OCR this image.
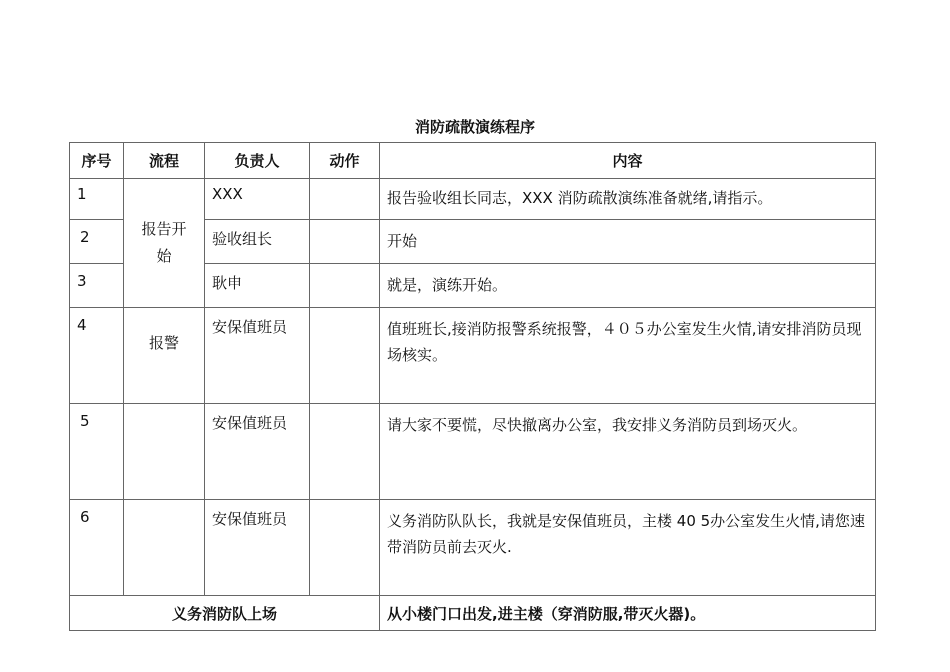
消防疏散演练程序
序号	流程	负责人	动作	内容
1	报告开始	XXX		报告验收组长同志，XXX 消防疏散演练准备就绪,请指示。
2		验收组长		开始
3		耿申		就是，演练开始。
4	报警	安保值班员		值班班长,接消防报警系统报警，４０５办公室发生火情,请安排消防员现场核实。
5		安保值班员		请大家不要慌，尽快撤离办公室，我安排义务消防员到场灭火。
6		安保值班员		义务消防队队长，我就是安保值班员，主楼 40 5办公室发生火情,请您速带消防员前去灭火.
义务消防队上场				从小楼门口出发,进主楼（穿消防服,带灭火器)。
